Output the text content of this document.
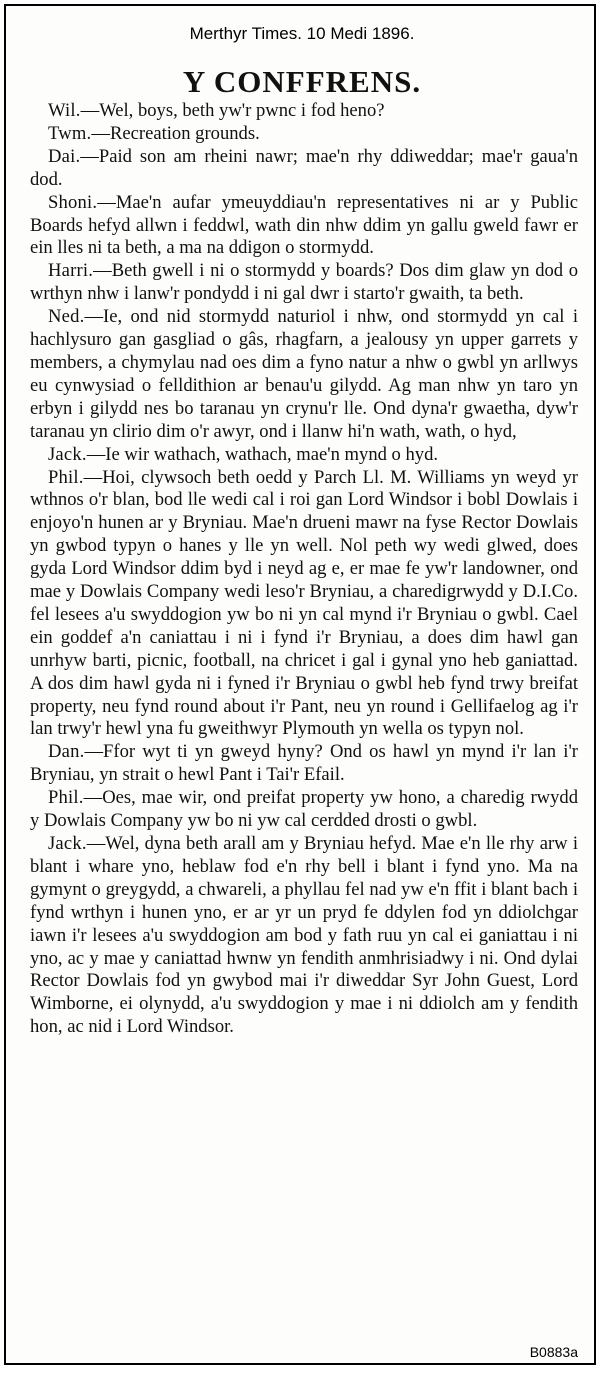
Merthyr Times. 10 Medi 1896.
Y CONFFRENS.

Wil.—Wel, boys, beth yw'r pwnc i fod heno?

Twm.—Recreation grounds.

Dai.—Paid son am rheini nawr; mae'n rhy ddiweddar; mae'r gaua'n dod.

Shoni.—Mae'n aufar ymeuyddiau'n representatives ni ar y Public Boards hefyd allwn i feddwl, wath din nhw ddim yn gallu gweld fawr er ein lles ni ta beth, a ma na ddigon o stormydd.

Harri.—Beth gwell i ni o stormydd y boards? Dos dim glaw yn dod o wrthyn nhw i lanw'r pondydd i ni gal dwr i starto'r gwaith, ta beth.

Ned.—Ie, ond nid stormydd naturiol i nhw, ond stormydd yn cal i hachlysuro gan gasgliad o gâs, rhagfarn, a jealousy yn upper garrets y members, a chymylau nad oes dim a fyno natur a nhw o gwbl yn arllwys eu cynwysiad o felldithion ar benau'u gilydd. Ag man nhw yn taro yn erbyn i gilydd nes bo taranau yn crynu'r lle. Ond dyna'r gwaetha, dyw'r taranau yn clirio dim o'r awyr, ond i llanw hi'n wath, wath, o hyd,

Jack.—Ie wir wathach, wathach, mae'n mynd o hyd.

Phil.—Hoi, clywsoch beth oedd y Parch Ll. M. Williams yn weyd yr wthnos o'r blan, bod lle wedi cal i roi gan Lord Windsor i bobl Dowlais i enjoyo'n hunen ar y Bryniau. Mae'n drueni mawr na fyse Rector Dowlais yn gwbod typyn o hanes y lle yn well. Nol peth wy wedi glwed, does gyda Lord Windsor ddim byd i neyd ag e, er mae fe yw'r landowner, ond mae y Dowlais Company wedi leso'r Bryniau, a charedigrwydd y D.I.Co. fel lesees a'u swyddogion yw bo ni yn cal mynd i'r Bryniau o gwbl. Cael ein goddef a'n caniattau i ni i fynd i'r Bryniau, a does dim hawl gan unrhyw barti, picnic, football, na chricet i gal i gynal yno heb ganiattad. A dos dim hawl gyda ni i fyned i'r Bryniau o gwbl heb fynd trwy breifat property, neu fynd round about i'r Pant, neu yn round i Gellifaelog ag i'r lan trwy'r hewl yna fu gweithwyr Plymouth yn wella os typyn nol.

Dan.—Ffor wyt ti yn gweyd hyny? Ond os hawl yn mynd i'r lan i'r Bryniau, yn strait o hewl Pant i Tai'r Efail.

Phil.—Oes, mae wir, ond preifat property yw hono, a charedig rwydd y Dowlais Company yw bo ni yw cal cerdded drosti o gwbl.

Jack.—Wel, dyna beth arall am y Bryniau hefyd. Mae e'n lle rhy arw i blant i whare yno, heblaw fod e'n rhy bell i blant i fynd yno. Ma na gymynt o greygydd, a chwareli, a phyllau fel nad yw e'n ffit i blant bach i fynd wrthyn i hunen yno, er ar yr un pryd fe ddylen fod yn ddiolchgar iawn i'r lesees a'u swyddogion am bod y fath ruu yn cal ei ganiattau i ni yno, ac y mae y caniattad hwnw yn fendith anmhrisiadwy i ni. Ond dylai Rector Dowlais fod yn gwybod mai i'r diweddar Syr John Guest, Lord Wimborne, ei olynydd, a'u swyddogion y mae i ni ddiolch am y fendith hon, ac nid i Lord Windsor.

B0883a
